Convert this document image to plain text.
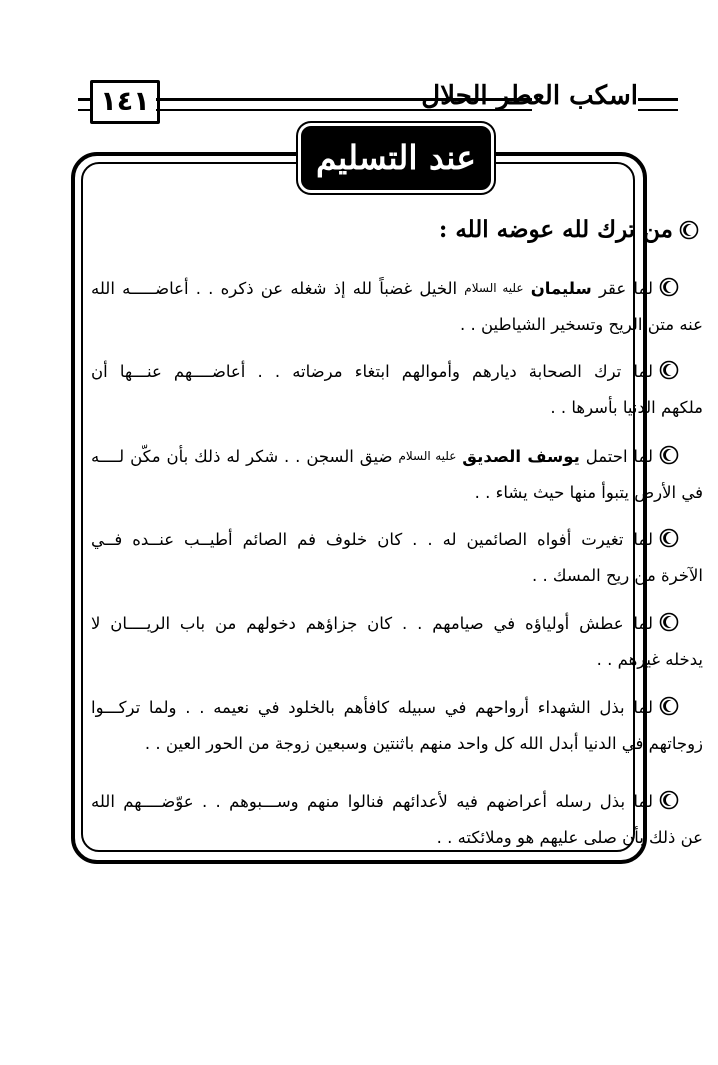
١٤١	اسكب العطر الحلال
عند التسليم
من ترك لله عوضه الله :
لما عقر سليمان عليه السلام الخيل غضباً لله إذ شغله عن ذكره . . أعاضـــــه الله
عنه متن الريح وتسخير الشياطين . .
لما ترك الصحابة ديارهم وأموالهم ابتغاء مرضاته . . أعاضــــهم عنـــها أن
ملكهم الدنيا بأسرها . .
لما احتمل يوسف الصديق عليه السلام ضيق السجن . . شكر له ذلك بأن مكّن لــــه
في الأرض يتبوأ منها حيث يشاء . .
لما تغيرت أفواه الصائمين له . . كان خلوف فم الصائم أطيــب عنــده فــي
الآخرة من ريح المسك . .
لما عطش أولياؤه في صيامهم . . كان جزاؤهم دخولهم من باب الريــــان لا
يدخله غيرهم . .
لما بذل الشهداء أرواحهم في سبيله كافأهم بالخلود في نعيمه . . ولما تركـــوا
زوجاتهم في الدنيا أبدل الله كل واحد منهم باثنتين وسبعين زوجة من الحور العين . .
لما بذل رسله أعراضهم فيه لأعدائهم فنالوا منهم وســـبوهم . . عوّضــــهم الله
عن ذلك بأن صلى عليهم هو وملائكته . .
